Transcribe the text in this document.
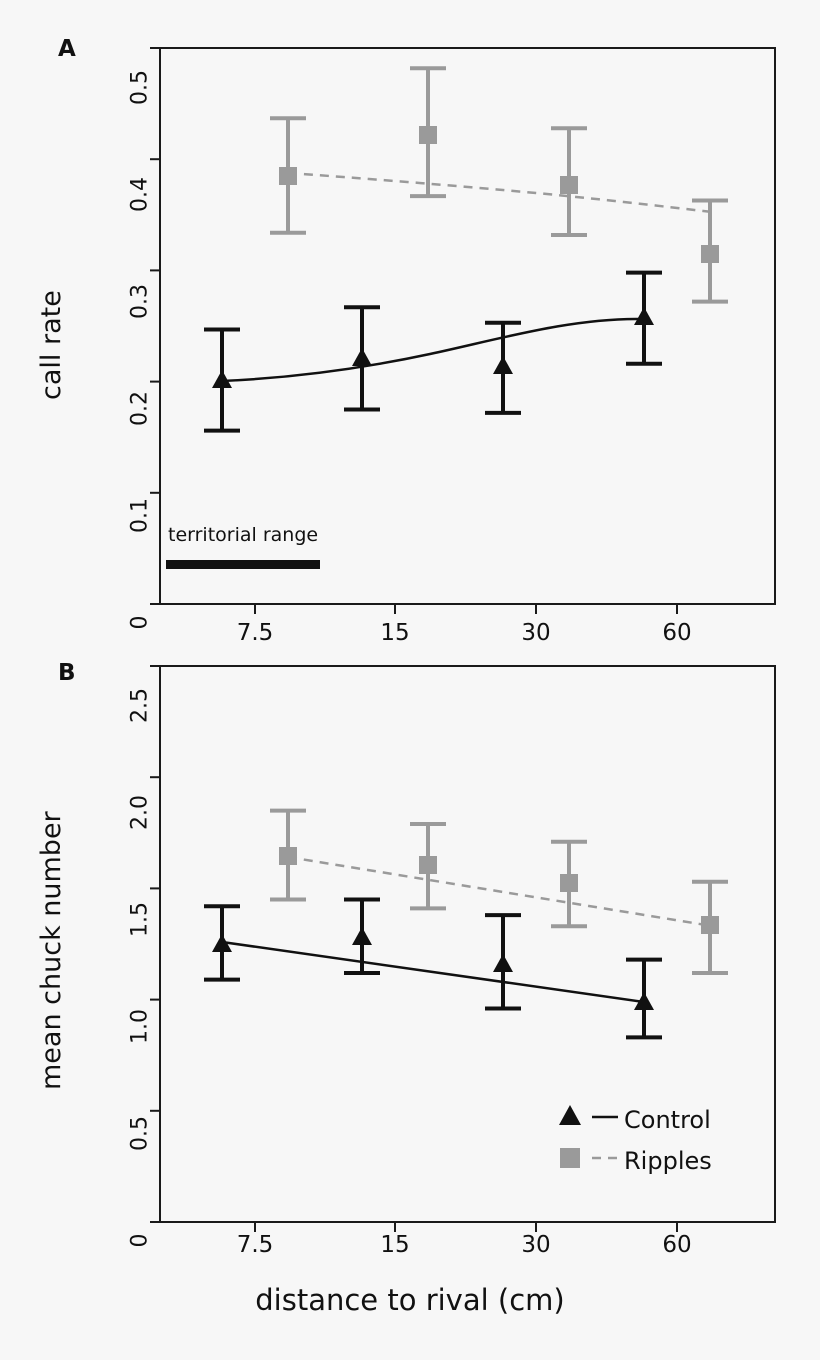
A
call rate
0
0.1
0.2
0.3
0.4
0.5
7.5	15	30	60
territorial range
B
mean chuck number
0
0.5
1.0
1.5
2.0
2.5
7.5	15	30	60
distance to rival (cm)
Control
Ripples
